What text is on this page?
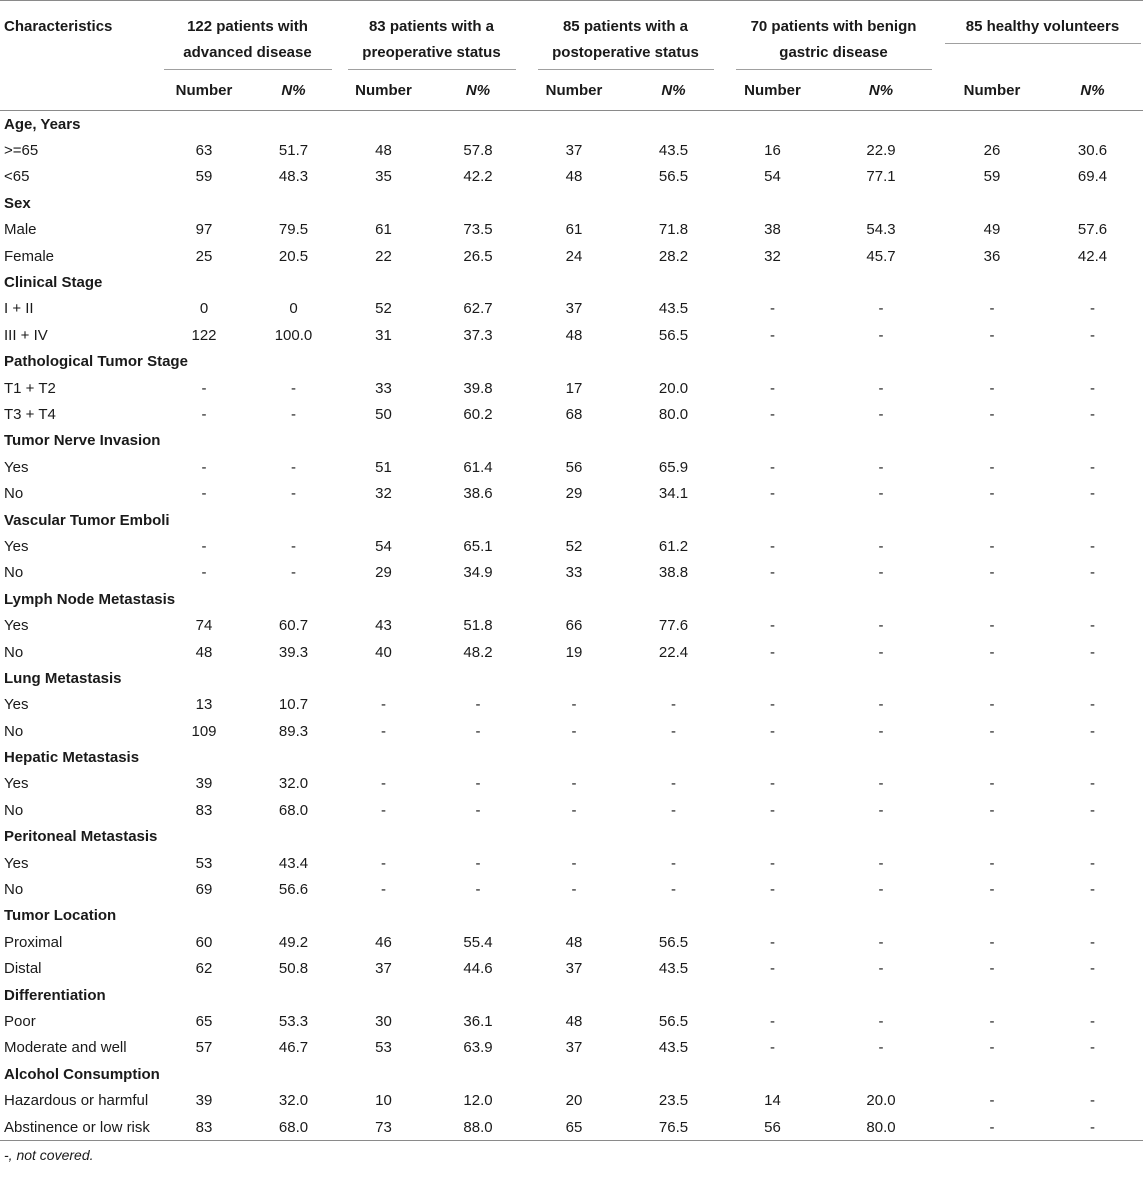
Characteristics	122 patients with advanced disease		83 patients with a preoperative status		85 patients with a postoperative status		70 patients with benign gastric disease		85 healthy volunteers	
	Number	N%	Number	N%	Number	N%	Number	N%	Number	N%

Age, Years										
>=65	63	51.7	48	57.8	37	43.5	16	22.9	26	30.6
<65	59	48.3	35	42.2	48	56.5	54	77.1	59	69.4
Sex										
Male	97	79.5	61	73.5	61	71.8	38	54.3	49	57.6
Female	25	20.5	22	26.5	24	28.2	32	45.7	36	42.4
Clinical Stage										
I + II	0	0	52	62.7	37	43.5	-	-	-	-
III + IV	122	100.0	31	37.3	48	56.5	-	-	-	-
Pathological Tumor Stage										
T1 + T2	-	-	33	39.8	17	20.0	-	-	-	-
T3 + T4	-	-	50	60.2	68	80.0	-	-	-	-
Tumor Nerve Invasion										
Yes	-	-	51	61.4	56	65.9	-	-	-	-
No	-	-	32	38.6	29	34.1	-	-	-	-
Vascular Tumor Emboli										
Yes	-	-	54	65.1	52	61.2	-	-	-	-
No	-	-	29	34.9	33	38.8	-	-	-	-
Lymph Node Metastasis										
Yes	74	60.7	43	51.8	66	77.6	-	-	-	-
No	48	39.3	40	48.2	19	22.4	-	-	-	-
Lung Metastasis										
Yes	13	10.7	-	-	-	-	-	-	-	-
No	109	89.3	-	-	-	-	-	-	-	-
Hepatic Metastasis										
Yes	39	32.0	-	-	-	-	-	-	-	-
No	83	68.0	-	-	-	-	-	-	-	-
Peritoneal Metastasis										
Yes	53	43.4	-	-	-	-	-	-	-	-
No	69	56.6	-	-	-	-	-	-	-	-
Tumor Location										
Proximal	60	49.2	46	55.4	48	56.5	-	-	-	-
Distal	62	50.8	37	44.6	37	43.5	-	-	-	-
Differentiation										
Poor	65	53.3	30	36.1	48	56.5	-	-	-	-
Moderate and well	57	46.7	53	63.9	37	43.5	-	-	-	-
Alcohol Consumption										
Hazardous or harmful	39	32.0	10	12.0	20	23.5	14	20.0	-	-
Abstinence or low risk	83	68.0	73	88.0	65	76.5	56	80.0	-	-

-, not covered.										
